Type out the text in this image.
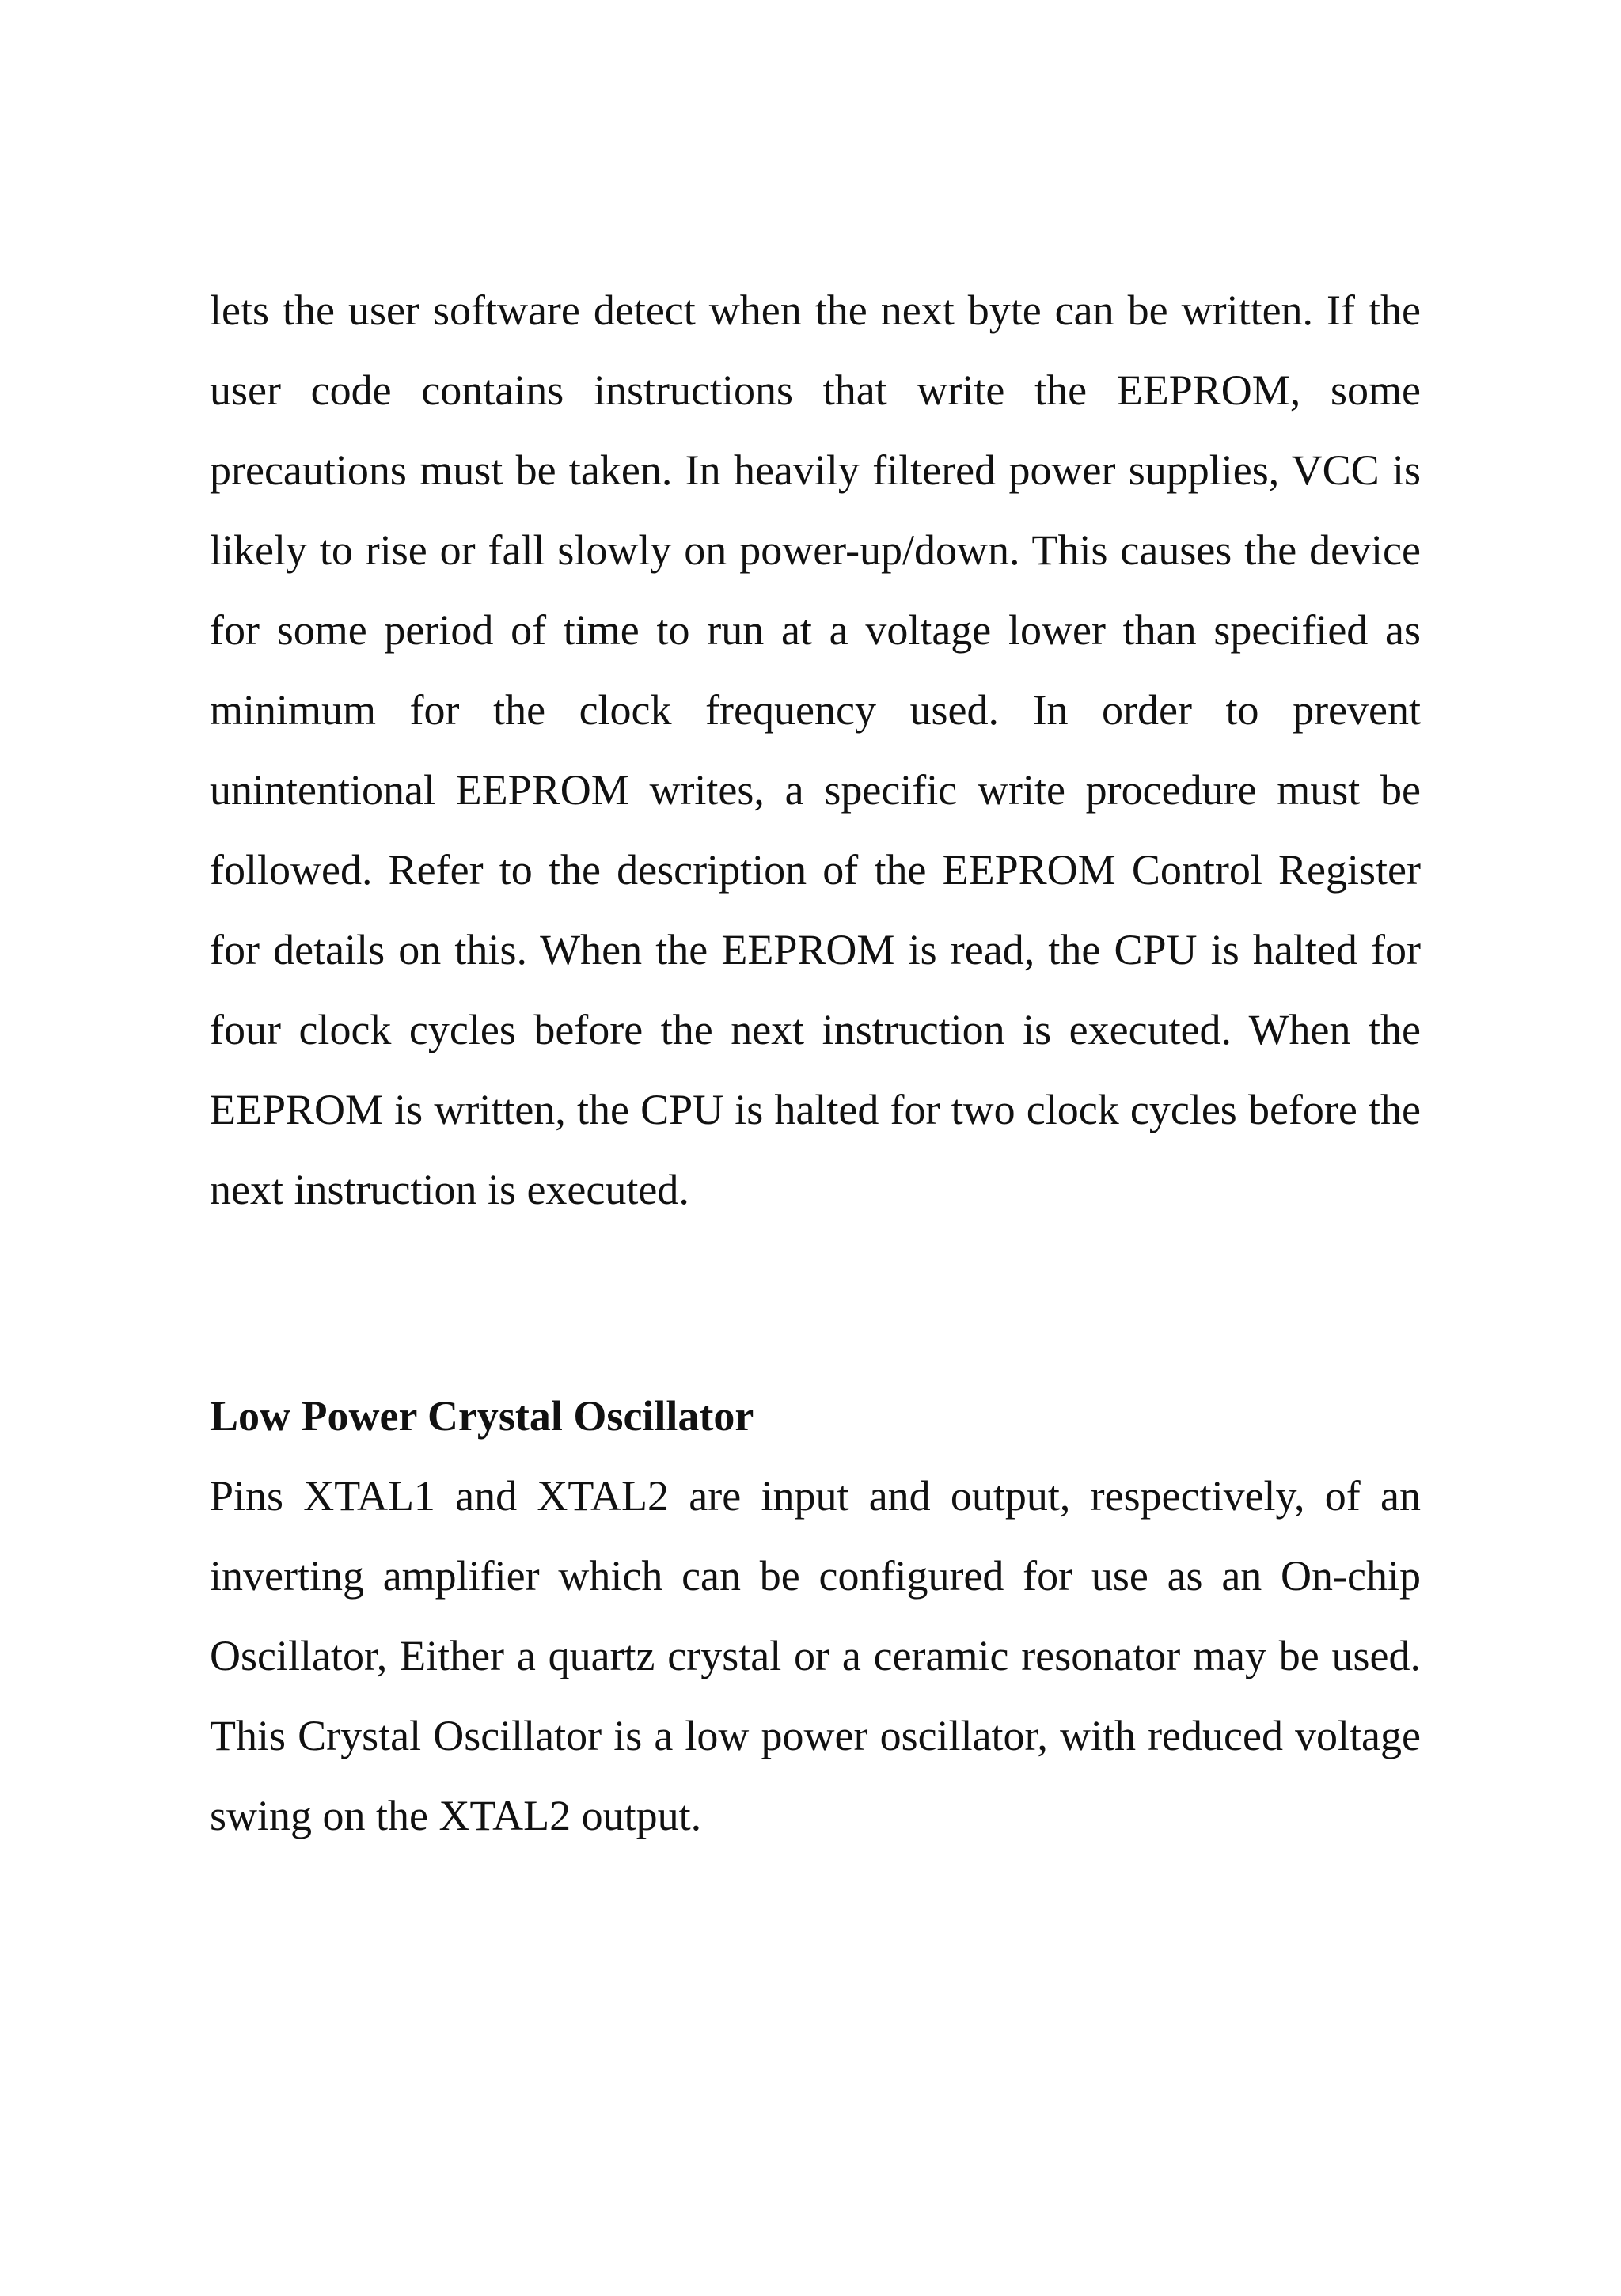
lets the user software detect when the next byte can be written. If the user code contains instructions that write the EEPROM, some precautions must be taken. In heavily filtered power supplies, VCC is likely to rise or fall slowly on power-up/down. This causes the device for some period of time to run at a voltage lower than specified as minimum for the clock frequency used. In order to prevent unintentional EEPROM writes, a specific write procedure must be followed. Refer to the description of the EEPROM Control Register for details on this. When the EEPROM is read, the CPU is halted for four clock cycles before the next instruction is executed. When the EEPROM is written, the CPU is halted for two clock cycles before the next instruction is executed.

Low Power Crystal Oscillator

Pins XTAL1 and XTAL2 are input and output, respectively, of an inverting amplifier which can be configured for use as an On-chip Oscillator, Either a quartz crystal or a ceramic resonator may be used. This Crystal Oscillator is a low power oscillator, with reduced voltage swing on the XTAL2 output.
